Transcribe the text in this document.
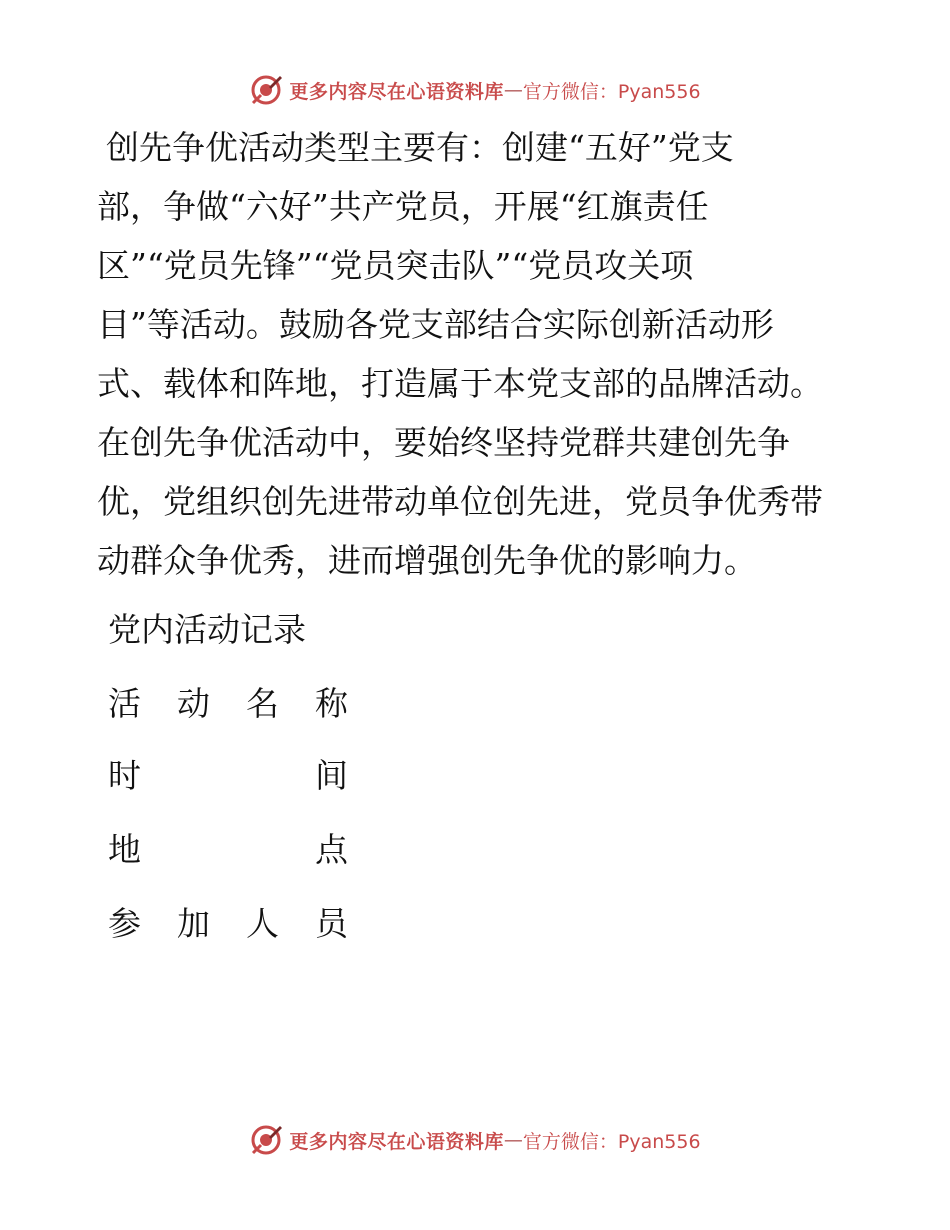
更多内容尽在心语资料库 — 官方微信：Pyan556
创先争优活动类型主要有：创建“五好”党支
部，争做“六好”共产党员，开展“红旗责任
区”“党员先锋”“党员突击队”“党员攻关项
目”等活动。鼓励各党支部结合实际创新活动形
式、载体和阵地，打造属于本党支部的品牌活动。
在创先争优活动中，要始终坚持党群共建创先争
优，党组织创先进带动单位创先进，党员争优秀带
动群众争优秀，进而增强创先争优的影响力。
党内活动记录
活 动 名 称
时	间
地	点
参 加 人 员
更多内容尽在心语资料库 — 官方微信：Pyan556
